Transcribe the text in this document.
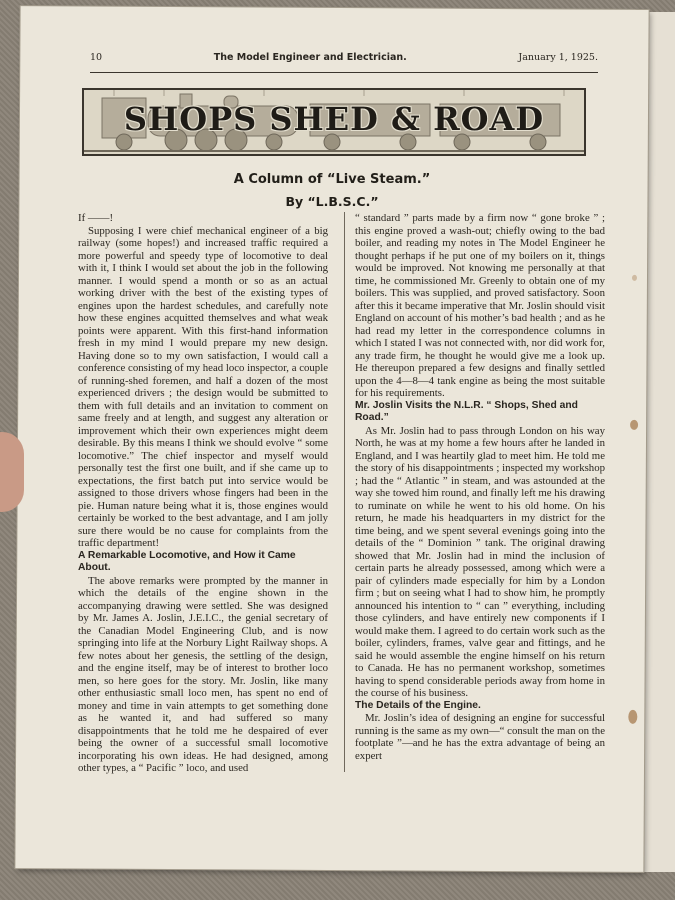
10	The Model Engineer and Electrician.	January 1, 1925.
SHOPS SHED & ROAD
A Column of “Live Steam.”
By “L.B.S.C.”

If ——!

Supposing I were chief mechanical engineer of a big railway (some hopes!) and increased traffic required a more powerful and speedy type of locomotive to deal with it, I think I would set about the job in the following manner. I would spend a month or so as an actual working driver with the best of the existing types of engines upon the hardest schedules, and carefully note how these engines acquitted themselves and what weak points were apparent. With this first-hand information fresh in my mind I would prepare my new design. Having done so to my own satisfaction, I would call a conference consisting of my head loco inspector, a couple of running-shed foremen, and half a dozen of the most experienced drivers ; the design would be submitted to them with full details and an invitation to comment on same freely and at length, and suggest any alteration or improvement which their own experiences might deem desirable. By this means I think we should evolve “ some locomotive.” The chief inspector and myself would personally test the first one built, and if she came up to expectations, the first batch put into service would be assigned to those drivers whose fingers had been in the pie. Human nature being what it is, those engines would certainly be worked to the best advantage, and I am jolly sure there would be no cause for complaints from the traffic department!

A Remarkable Locomotive, and How it Came About.

The above remarks were prompted by the manner in which the details of the engine shown in the accompanying drawing were settled. She was designed by Mr. James A. Joslin, J.E.I.C., the genial secretary of the Canadian Model Engineering Club, and is now springing into life at the Norbury Light Railway shops. A few notes about her genesis, the settling of the design, and the engine itself, may be of interest to brother loco men, so here goes for the story. Mr. Joslin, like many other enthusiastic small loco men, has spent no end of money and time in vain attempts to get something done as he wanted it, and had suffered so many disappointments that he told me he despaired of ever being the owner of a successful small locomotive incorporating his own ideas. He had designed, among other types, a “ Pacific ” loco, and used

“ standard ” parts made by a firm now “ gone broke ” ; this engine proved a wash-out; chiefly owing to the bad boiler, and reading my notes in The Model Engineer he thought perhaps if he put one of my boilers on it, things would be improved. Not knowing me personally at that time, he commissioned Mr. Greenly to obtain one of my boilers. This was supplied, and proved satisfactory. Soon after this it became imperative that Mr. Joslin should visit England on account of his mother’s bad health ; and as he had read my letter in the correspondence columns in which I stated I was not connected with, nor did work for, any trade firm, he thought he would give me a look up. He thereupon prepared a few designs and finally settled upon the 4—8—4 tank engine as being the most suitable for his requirements.

Mr. Joslin Visits the N.L.R. “ Shops, Shed and Road.”

As Mr. Joslin had to pass through London on his way North, he was at my home a few hours after he landed in England, and I was heartily glad to meet him. He told me the story of his disappointments ; inspected my workshop ; had the “ Atlantic ” in steam, and was astounded at the way she towed him round, and finally left me his drawing to ruminate on while he went to his old home. On his return, he made his headquarters in my district for the time being, and we spent several evenings going into the details of the “ Dominion ” tank. The original drawing showed that Mr. Joslin had in mind the inclusion of certain parts he already possessed, among which were a pair of cylinders made especially for him by a London firm ; but on seeing what I had to show him, he promptly announced his intention to “ can ” everything, including those cylinders, and have entirely new components if I would make them. I agreed to do certain work such as the boiler, cylinders, frames, valve gear and fittings, and he said he would assemble the engine himself on his return to Canada. He has no permanent workshop, sometimes having to spend considerable periods away from home in the course of his business.

The Details of the Engine.

Mr. Joslin’s idea of designing an engine for successful running is the same as my own—“ consult the man on the footplate ”—and he has the extra advantage of being an expert
